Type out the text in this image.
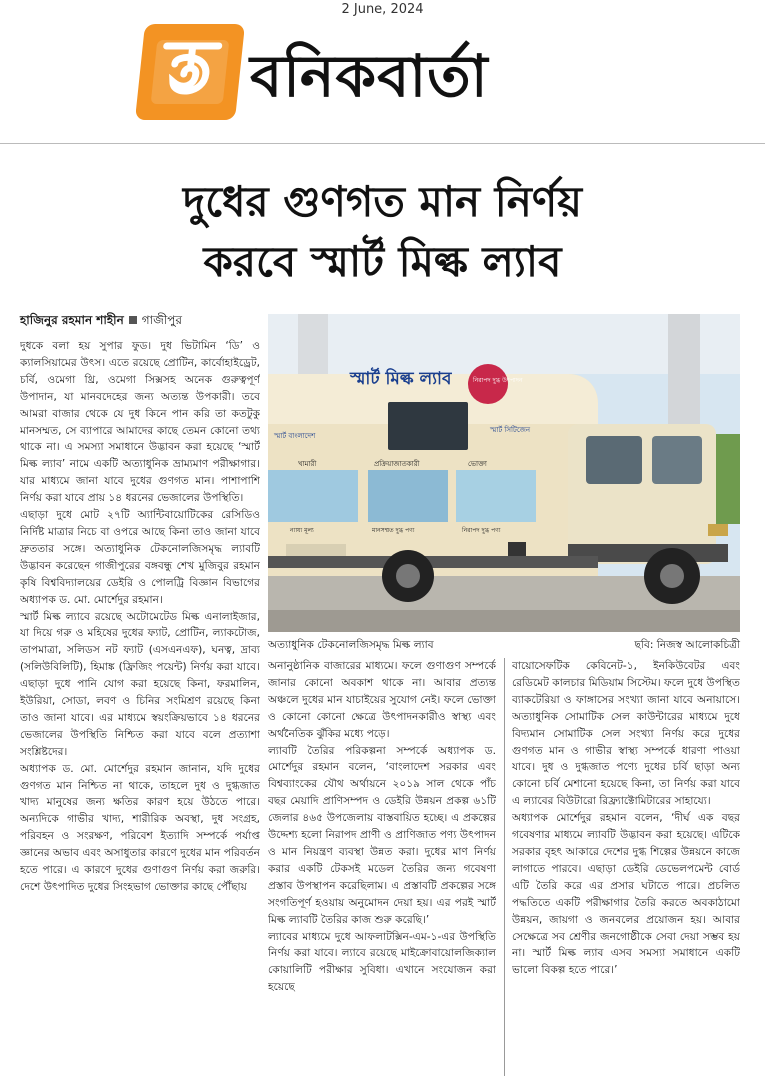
2 June, 2024
বনিকবার্তা
দুধের গুণগত মান নির্ণয়
করবে স্মার্ট মিল্ক ল্যাব
হাজিনুর রহমান শাহীন গাজীপুর

দুধকে বলা হয় সুপার ফুড। দুধ ভিটামিন ‘ডি’ ও ক্যালসিয়ামের উৎস। এতে রয়েছে প্রোটিন, কার্বোহাইড্রেট, চর্বি, ওমেগা থ্রি, ওমেগা সিক্সসহ অনেক গুরুত্বপূর্ণ উপাদান, যা মানবদেহের জন্য অত্যন্ত উপকারী। তবে আমরা বাজার থেকে যে দুধ কিনে পান করি তা কতটুকু মানসম্মত, সে ব্যাপারে আমাদের কাছে তেমন কোনো তথ্য থাকে না। এ সমস্যা সমাধানে উদ্ভাবন করা হয়েছে ‘স্মার্ট মিল্ক ল্যাব’ নামে একটি অত্যাধুনিক ভ্রাম্যমাণ পরীক্ষাগার। যার মাধ্যমে জানা যাবে দুধের গুণগত মান। পাশাপাশি নির্ণয় করা যাবে প্রায় ১৪ ধরনের ভেজালের উপস্থিতি।

এছাড়া দুধে মোট ২৭টি অ্যান্টিবায়োটিকের রেসিডিও নির্দিষ্ট মাত্রার নিচে বা ওপরে আছে কিনা তাও জানা যাবে দ্রুততার সঙ্গে। অত্যাধুনিক টেকনোলজিসমৃদ্ধ ল্যাবটি উদ্ভাবন করেছেন গাজীপুরের বঙ্গবন্ধু শেখ মুজিবুর রহমান কৃষি বিশ্ববিদ্যালয়ের ডেইরি ও পোলট্রি বিজ্ঞান বিভাগের অধ্যাপক ড. মো. মোর্শেদুর রহমান।

স্মার্ট মিল্ক ল্যাবে রয়েছে অটোমেটেড মিল্ক এনালাইজার, যা দিয়ে গরু ও মহিষের দুধের ফ্যাট, প্রোটিন, ল্যাকটোজ, তাপমাত্রা, সলিডস নট ফ্যাট (এসএনএফ), ঘনত্ব, দ্রাব্য (সলিউবিলিটি), হিমাঙ্ক (ফ্রিজিং পয়েন্ট) নির্ণয় করা যাবে। এছাড়া দুধে পানি যোগ করা হয়েছে কিনা, ফরমালিন, ইউরিয়া, সোডা, লবণ ও চিনির সংমিশ্রণ রয়েছে কিনা তাও জানা যাবে। এর মাধ্যমে স্বয়ংক্রিয়ভাবে ১৪ ধরনের ভেজালের উপস্থিতি নিশ্চিত করা যাবে বলে প্রত্যাশা সংশ্লিষ্টদের।

অধ্যাপক ড. মো. মোর্শেদুর রহমান জানান, যদি দুধের গুণগত মান নিশ্চিত না থাকে, তাহলে দুধ ও দুগ্ধজাত খাদ্য মানুষের জন্য ক্ষতির কারণ হয়ে উঠতে পারে। অন্যদিকে গাভীর খাদ্য, শারীরিক অবস্থা, দুধ সংগ্রহ, পরিবহন ও সংরক্ষণ, পরিবেশ ইত্যাদি সম্পর্কে পর্যাপ্ত জ্ঞানের অভাব এবং অসাধুতার কারণে দুধের মান পরিবর্তন হতে পারে। এ কারণে দুধের গুণাগুণ নির্ণয় করা জরুরি। দেশে উৎপাদিত দুধের সিংহভাগ ভোক্তার কাছে পৌঁছায়

স্মার্ট মিল্ক ল্যাব	নিরাপদ দুগ্ধ উৎপাদন
স্মার্ট বাংলাদেশ
স্মার্ট সিটিজেন
খামারী	প্রক্রিয়াজাতকারী	ভোক্তা
ন্যায্য মূল্য	মানসম্মত দুগ্ধ পণ্য	নিরাপদ দুগ্ধ পণ্য
অত্যাধুনিক টেকনোলজিসমৃদ্ধ মিল্ক ল্যাব	ছবি: নিজস্ব আলোকচিত্রী

অনানুষ্ঠানিক বাজারের মাধ্যমে। ফলে গুণাগুণ সম্পর্কে জানার কোনো অবকাশ থাকে না। আবার প্রত্যন্ত অঞ্চলে দুধের মান যাচাইয়ের সুযোগ নেই। ফলে ভোক্তা ও কোনো কোনো ক্ষেত্রে উৎপাদনকারীও স্বাস্থ্য এবং অর্থনৈতিক ঝুঁকির মধ্যে পড়ে।

ল্যাবটি তৈরির পরিকল্পনা সম্পর্কে অধ্যাপক ড. মোর্শেদুর রহমান বলেন, ‘বাংলাদেশ সরকার এবং বিশ্বব্যাংকের যৌথ অর্থায়নে ২০১৯ সাল থেকে পাঁচ বছর মেয়াদি প্রাণিসম্পদ ও ডেইরি উন্নয়ন প্রকল্প ৬১টি জেলার ৪৬৫ উপজেলায় বাস্তবায়িত হচ্ছে। এ প্রকল্পের উদ্দেশ্য হলো নিরাপদ প্রাণী ও প্রাণিজাত পণ্য উৎপাদন ও মান নিয়ন্ত্রণ ব্যবস্থা উন্নত করা। দুধের মাণ নির্ণয় করার একটি টেকসই মডেল তৈরির জন্য গবেষণা প্রস্তাব উপস্থাপন করেছিলাম। এ প্রস্তাবটি প্রকল্পের সঙ্গে সংগতিপূর্ণ হওয়ায় অনুমোদন দেয়া হয়। এর পরই স্মার্ট মিল্ক ল্যাবটি তৈরির কাজ শুরু করেছি।’

ল্যাবের মাধ্যমে দুধে আফলাটক্সিন-এম-১-এর উপস্থিতি নির্ণয় করা যাবে। ল্যাবে রয়েছে মাইক্রোবায়োলজিক্যাল কোয়ালিটি পরীক্ষার সুবিধা। এখানে সংযোজন করা হয়েছে

বায়োসেফটিক কেবিনেট-১, ইনকিউবেটর এবং রেডিমেট কালচার মিডিয়াম সিস্টেম। ফলে দুধে উপস্থিত ব্যাকটেরিয়া ও ফাঙ্গাসের সংখ্যা জানা যাবে অনায়াসে। অত্যাধুনিক সোমাটিক সেল কাউন্টারের মাধ্যমে দুধে বিদ্যমান সোমাটিক সেল সংখ্যা নির্ণয় করে দুধের গুণগত মান ও গাভীর স্বাস্থ্য সম্পর্কে ধারণা পাওয়া যাবে। দুধ ও দুগ্ধজাত পণ্যে দুধের চর্বি ছাড়া অন্য কোনো চর্বি মেশানো হয়েছে কিনা, তা নির্ণয় করা যাবে এ ল্যাবের বিউটারো রিফ্র্যাক্টোমিটারের সাহায্যে।

অধ্যাপক মোর্শেদুর রহমান বলেন, ‘দীর্ঘ এক বছর গবেষণার মাধ্যমে ল্যাবটি উদ্ভাবন করা হয়েছে। এটিকে সরকার বৃহৎ আকারে দেশের দুগ্ধ শিল্পের উন্নয়নে কাজে লাগাতে পারবে। এছাড়া ডেইরি ডেভেলপমেন্ট বোর্ড এটি তৈরি করে এর প্রসার ঘটাতে পারে। প্রচলিত পদ্ধতিতে একটি পরীক্ষাগার তৈরি করতে অবকাঠামো উন্নয়ন, জায়গা ও জনবলের প্রয়োজন হয়। আবার সেক্ষেত্রে সব শ্রেণীর জনগোষ্ঠীকে সেবা দেয়া সম্ভব হয় না। স্মার্ট মিল্ক ল্যাব এসব সমস্যা সমাধানে একটি ভালো বিকল্প হতে পারে।’
